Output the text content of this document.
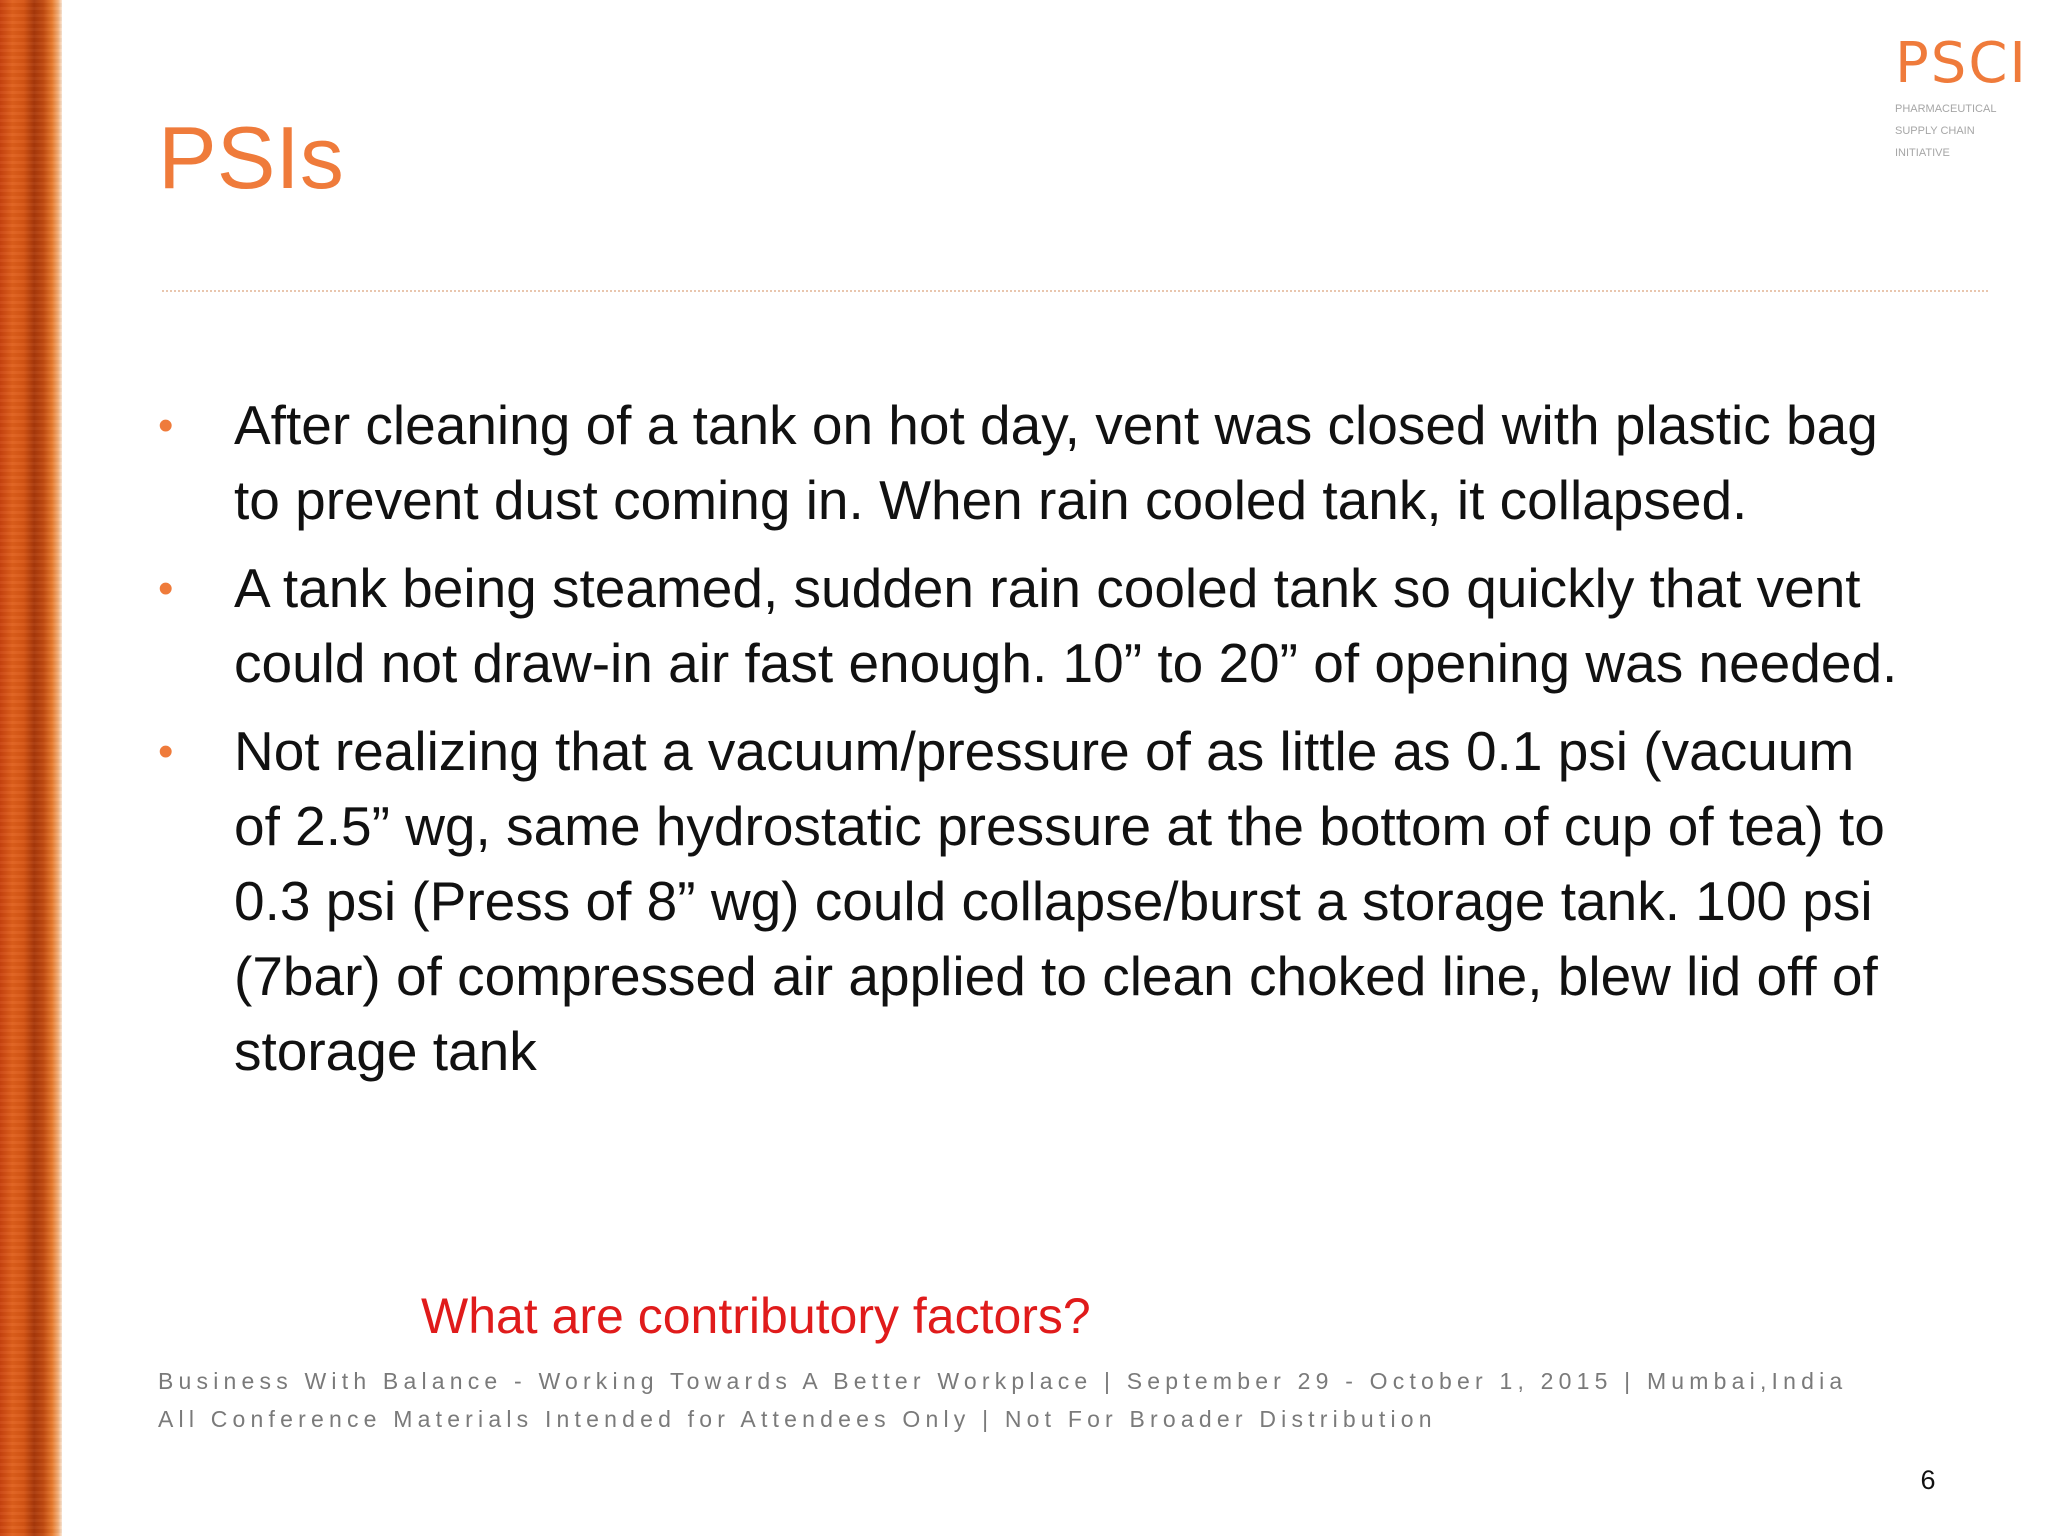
PSCI
PHARMACEUTICAL
SUPPLY CHAIN
INITIATIVE
PSIs
• After cleaning of a tank on hot day, vent was closed with plastic bag to prevent dust coming in. When rain cooled tank, it collapsed.
• A tank being steamed, sudden rain cooled tank so quickly that vent could not draw-in air fast enough. 10” to 20” of opening was needed.
• Not realizing that a vacuum/pressure of as little as 0.1 psi (vacuum of 2.5” wg, same hydrostatic pressure at the bottom of cup of tea) to 0.3 psi (Press of 8” wg) could collapse/burst a storage tank. 100 psi (7bar) of compressed air applied to clean choked line, blew lid off of storage tank
What are contributory factors?
Business With Balance - Working Towards A Better Workplace | September 29 - October 1, 2015 | Mumbai,India
All Conference Materials Intended for Attendees Only | Not For Broader Distribution
6
